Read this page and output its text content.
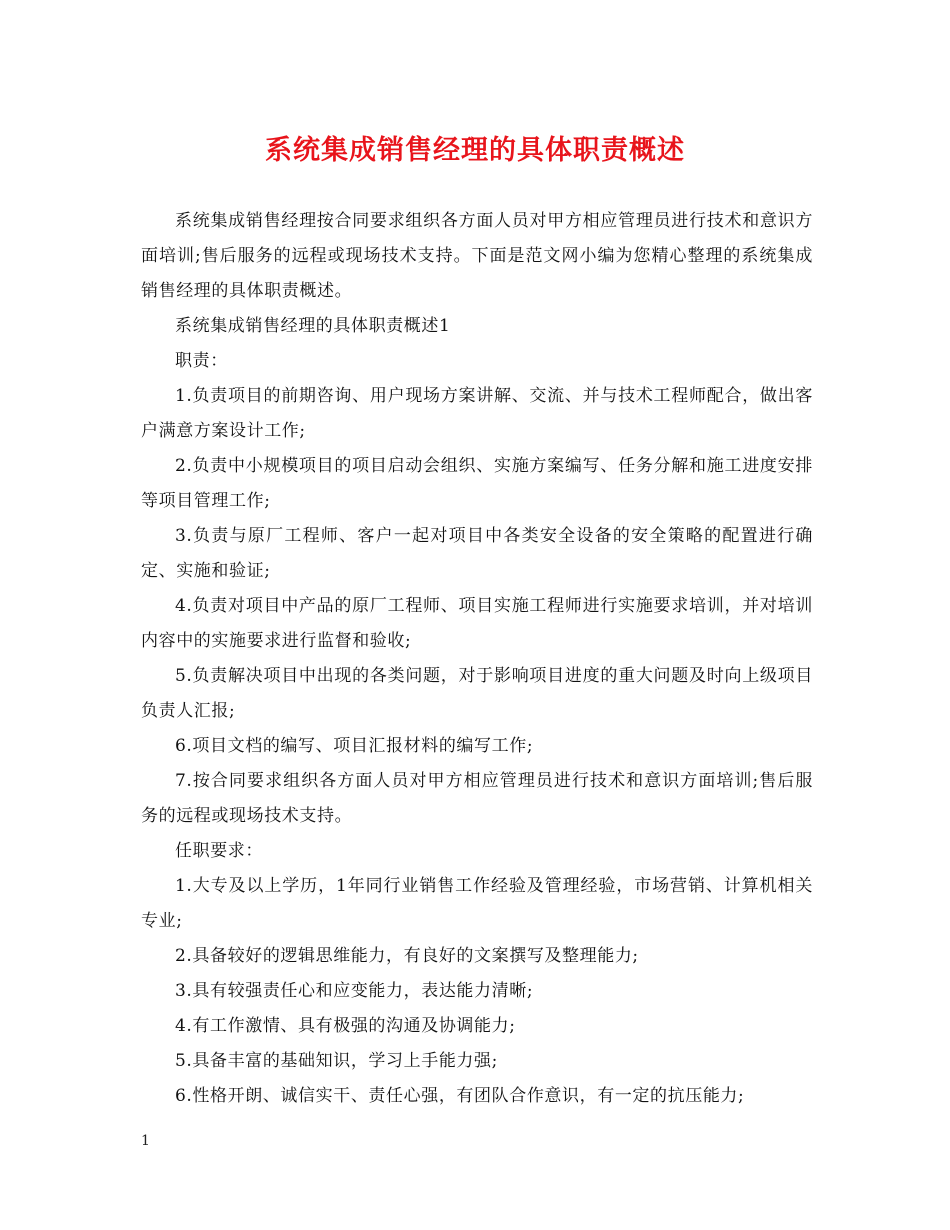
系统集成销售经理的具体职责概述

系统集成销售经理按合同要求组织各方面人员对甲方相应管理员进行技术和意识方面培训;售后服务的远程或现场技术支持。下面是范文网小编为您精心整理的系统集成销售经理的具体职责概述。

系统集成销售经理的具体职责概述1

职责：

1.负责项目的前期咨询、用户现场方案讲解、交流、并与技术工程师配合，做出客户满意方案设计工作;

2.负责中小规模项目的项目启动会组织、实施方案编写、任务分解和施工进度安排等项目管理工作;

3.负责与原厂工程师、客户一起对项目中各类安全设备的安全策略的配置进行确定、实施和验证;

4.负责对项目中产品的原厂工程师、项目实施工程师进行实施要求培训，并对培训内容中的实施要求进行监督和验收;

5.负责解决项目中出现的各类问题，对于影响项目进度的重大问题及时向上级项目负责人汇报;

6.项目文档的编写、项目汇报材料的编写工作;

7.按合同要求组织各方面人员对甲方相应管理员进行技术和意识方面培训;售后服务的远程或现场技术支持。

任职要求：

1.大专及以上学历，1年同行业销售工作经验及管理经验，市场营销、计算机相关专业;

2.具备较好的逻辑思维能力，有良好的文案撰写及整理能力;

3.具有较强责任心和应变能力，表达能力清晰;

4.有工作激情、具有极强的沟通及协调能力;

5.具备丰富的基础知识，学习上手能力强;

6.性格开朗、诚信实干、责任心强，有团队合作意识，有一定的抗压能力;

1
